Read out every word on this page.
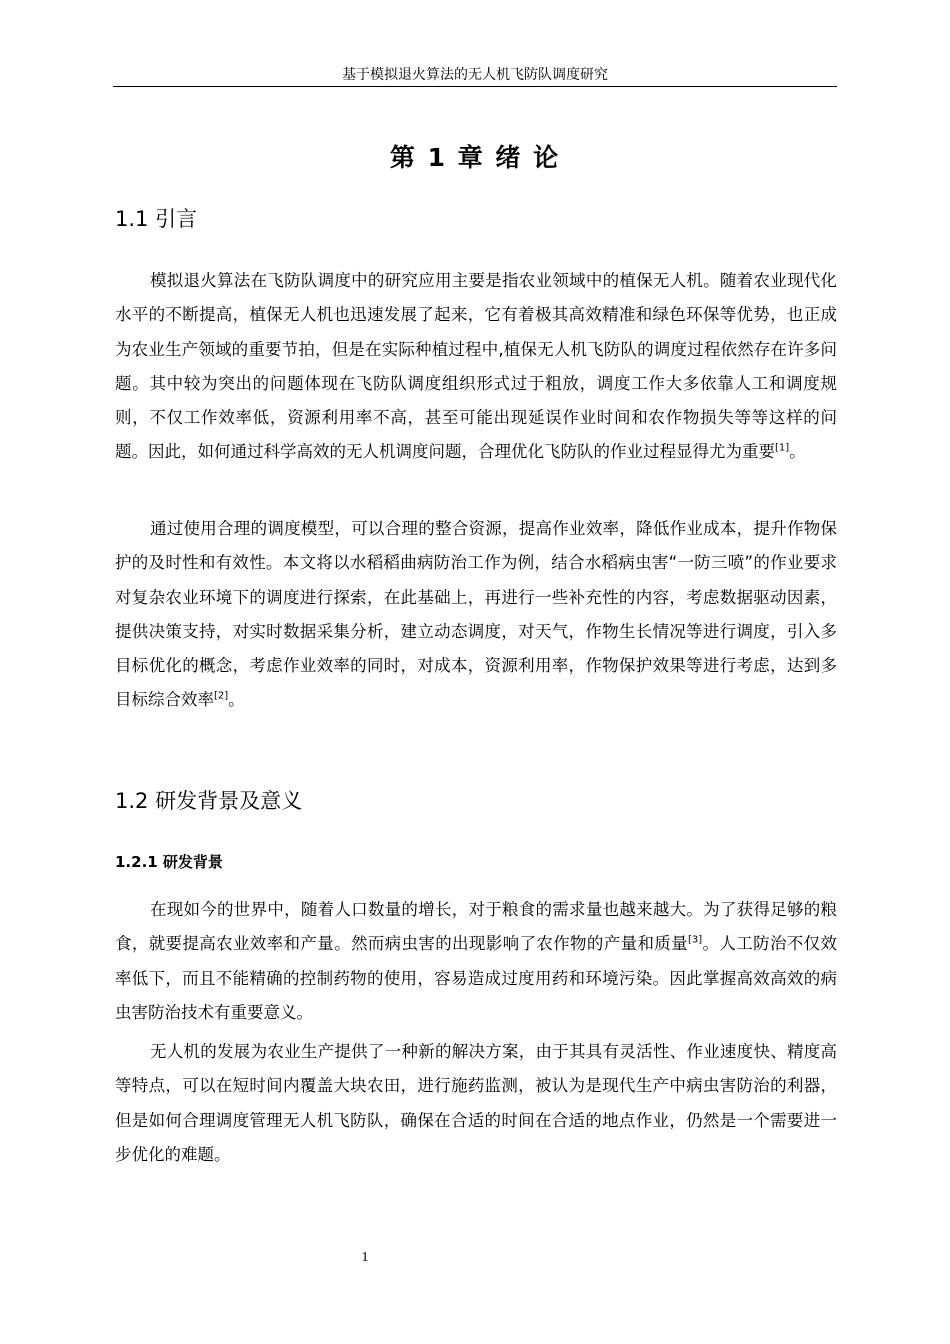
基于模拟退火算法的无人机飞防队调度研究
第 1 章 绪 论
1.1 引言

模拟退火算法在飞防队调度中的研究应用主要是指农业领域中的植保无人机。随着农业现代化水平的不断提高，植保无人机也迅速发展了起来，它有着极其高效精准和绿色环保等优势，也正成为农业生产领域的重要节拍，但是在实际种植过程中,植保无人机飞防队的调度过程依然存在许多问题。其中较为突出的问题体现在飞防队调度组织形式过于粗放，调度工作大多依靠人工和调度规则，不仅工作效率低，资源利用率不高，甚至可能出现延误作业时间和农作物损失等等这样的问题。因此，如何通过科学高效的无人机调度问题，合理优化飞防队的作业过程显得尤为重要[1]。

通过使用合理的调度模型，可以合理的整合资源，提高作业效率，降低作业成本，提升作物保护的及时性和有效性。本文将以水稻稻曲病防治工作为例，结合水稻病虫害“一防三喷”的作业要求对复杂农业环境下的调度进行探索，在此基础上，再进行一些补充性的内容，考虑数据驱动因素，提供决策支持，对实时数据采集分析，建立动态调度，对天气，作物生长情况等进行调度，引入多目标优化的概念，考虑作业效率的同时，对成本，资源利用率，作物保护效果等进行考虑，达到多目标综合效率[2]。

1.2 研发背景及意义
1.2.1 研发背景

在现如今的世界中，随着人口数量的增长，对于粮食的需求量也越来越大。为了获得足够的粮食，就要提高农业效率和产量。然而病虫害的出现影响了农作物的产量和质量[3]。人工防治不仅效率低下，而且不能精确的控制药物的使用，容易造成过度用药和环境污染。因此掌握高效高效的病虫害防治技术有重要意义。

无人机的发展为农业生产提供了一种新的解决方案，由于其具有灵活性、作业速度快、精度高等特点，可以在短时间内覆盖大块农田，进行施药监测，被认为是现代生产中病虫害防治的利器，但是如何合理调度管理无人机飞防队，确保在合适的时间在合适的地点作业，仍然是一个需要进一步优化的难题。

1
